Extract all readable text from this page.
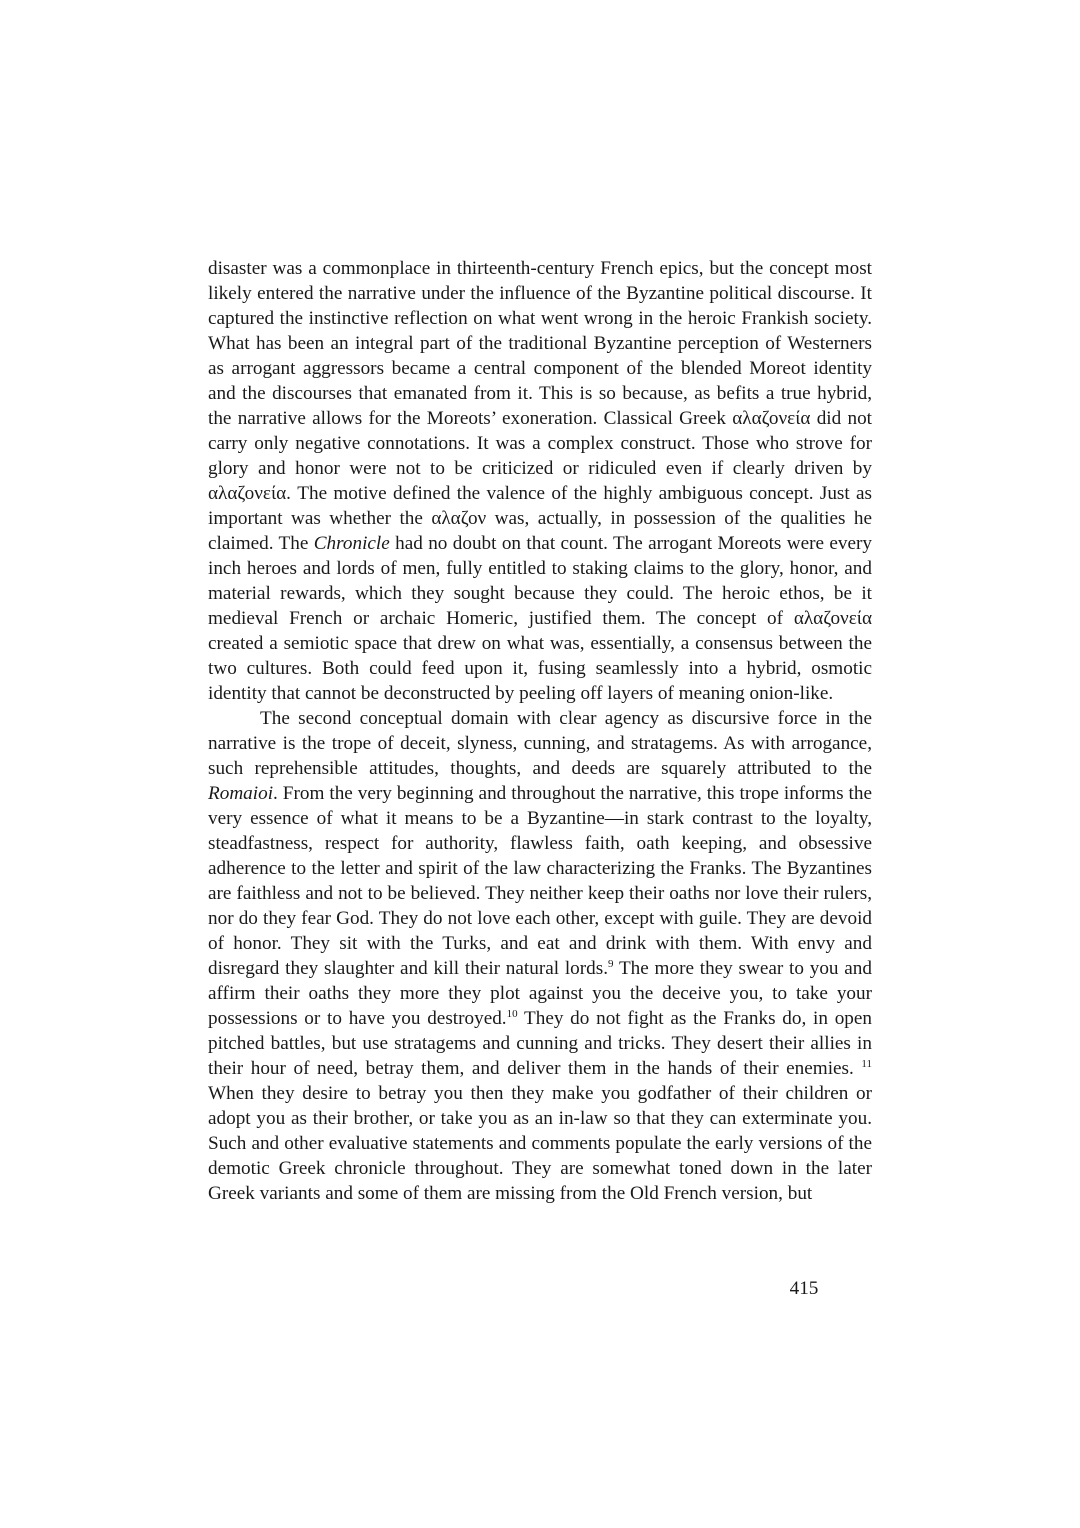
disaster was a commonplace in thirteenth-century French epics, but the concept most likely entered the narrative under the influence of the Byzantine political discourse. It captured the instinctive reflection on what went wrong in the heroic Frankish society. What has been an integral part of the traditional Byzantine perception of Westerners as arrogant aggressors became a central component of the blended Moreot identity and the discourses that emanated from it. This is so because, as befits a true hybrid, the narrative allows for the Moreots’ exoneration. Classical Greek αλαζονεία did not carry only negative connotations. It was a complex construct. Those who strove for glory and honor were not to be criticized or ridiculed even if clearly driven by αλαζονεία. The motive defined the valence of the highly ambiguous concept. Just as important was whether the αλαζον was, actually, in possession of the qualities he claimed. The Chronicle had no doubt on that count. The arrogant Moreots were every inch heroes and lords of men, fully entitled to staking claims to the glory, honor, and material rewards, which they sought because they could. The heroic ethos, be it medieval French or archaic Homeric, justified them. The concept of αλαζονεία created a semiotic space that drew on what was, essentially, a consensus between the two cultures. Both could feed upon it, fusing seamlessly into a hybrid, osmotic identity that cannot be deconstructed by peeling off layers of meaning onion-like.

The second conceptual domain with clear agency as discursive force in the narrative is the trope of deceit, slyness, cunning, and stratagems. As with arrogance, such reprehensible attitudes, thoughts, and deeds are squarely attributed to the Romaioi. From the very beginning and throughout the narrative, this trope informs the very essence of what it means to be a Byzantine—in stark contrast to the loyalty, steadfastness, respect for authority, flawless faith, oath keeping, and obsessive adherence to the letter and spirit of the law characterizing the Franks. The Byzantines are faithless and not to be believed. They neither keep their oaths nor love their rulers, nor do they fear God. They do not love each other, except with guile. They are devoid of honor. They sit with the Turks, and eat and drink with them. With envy and disregard they slaughter and kill their natural lords.$^9$ The more they swear to you and affirm their oaths they more they plot against you the deceive you, to take your possessions or to have you destroyed.$^{10}$ They do not fight as the Franks do, in open pitched battles, but use stratagems and cunning and tricks. They desert their allies in their hour of need, betray them, and deliver them in the hands of their enemies. $^{11}$ When they desire to betray you then they make you godfather of their children or adopt you as their brother, or take you as an in-law so that they can exterminate you. Such and other evaluative statements and comments populate the early versions of the demotic Greek chronicle throughout. They are somewhat toned down in the later Greek variants and some of them are missing from the Old French version, but

415
